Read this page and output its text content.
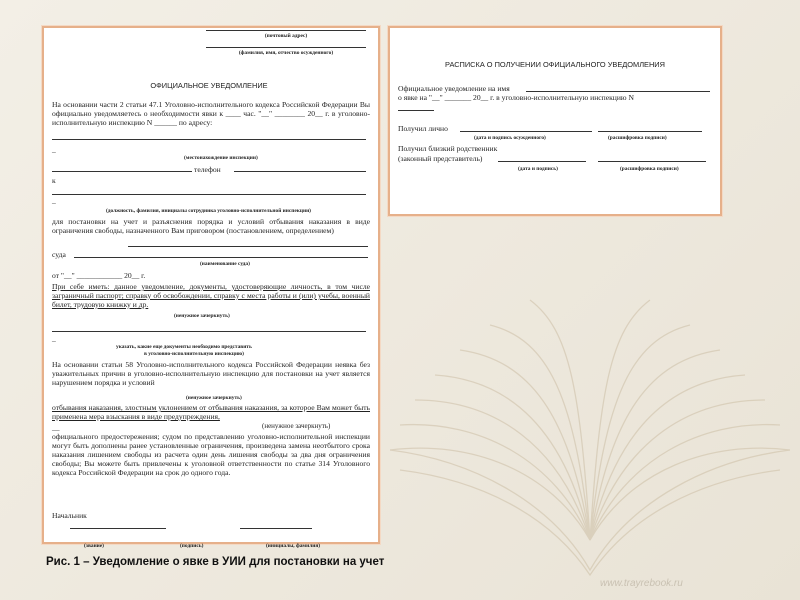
www.trayrebook.ru
(почтовый адрес)
(фамилия, имя, отчество осужденного)
ОФИЦИАЛЬНОЕ УВЕДОМЛЕНИЕ
На основании части 2 статьи 47.1 Уголовно-исполнительного кодекса Российской Федерации Вы официально уведомляетесь о необходимости явки к ____ час. "__" ________ 20__ г. в уголовно-исполнительную инспекцию N ______ по адресу:
–
(местонахождение инспекции)
телефон
к
–
(должность, фамилия, инициалы сотрудника уголовно-исполнительной инспекции)
для постановки на учет и разъяснения порядка и условий отбывания наказания в виде ограничения свободы, назначенного Вам приговором (постановлением, определением)
суда
(наименование суда)
от "__" ____________ 20__ г.
При себе иметь: данное уведомление, документы, удостоверяющие личность, в том числе заграничный паспорт; справку об освобождении, справку с места работы и (или) учебы, военный билет, трудовую книжку и др.
(ненужное зачеркнуть)
–
указать, какие еще документы необходимо представить
в уголовно-исполнительную инспекцию)
На основании статьи 58 Уголовно-исполнительного кодекса Российской Федерации неявка без уважительных причин в уголовно-исполнительную инспекцию для постановки на учет является нарушением порядка и условий
(ненужное зачеркнуть)
отбывания наказания, злостным уклонением от отбывания наказания, за которое Вам может быть применена мера взыскания в виде предупреждения,
__	(ненужное зачеркнуть)
официального предостережения; судом по представлению уголовно-исполнительной инспекции могут быть дополнены ранее установленные ограничения, произведена замена неотбытого срока наказания лишением свободы из расчета один день лишения свободы за два дня ограничения свободы; Вы можете быть привлечены к уголовной ответственности по статье 314 Уголовного кодекса Российской Федерации на срок до одного года.
Начальник
(звание)	(подпись)	(инициалы, фамилия)
РАСПИСКА О ПОЛУЧЕНИИ ОФИЦИАЛЬНОГО УВЕДОМЛЕНИЯ
Официальное уведомление на имя
о явке на "__" _______ 20__ г. в уголовно-исполнительную инспекцию N
Получил лично
(дата и подпись осужденного)	(расшифровка подписи)
Получил близкий родственник
(законный представитель)
(дата и подпись)	(расшифровка подписи)
Рис. 1 – Уведомление о явке в УИИ для постановки на учет
